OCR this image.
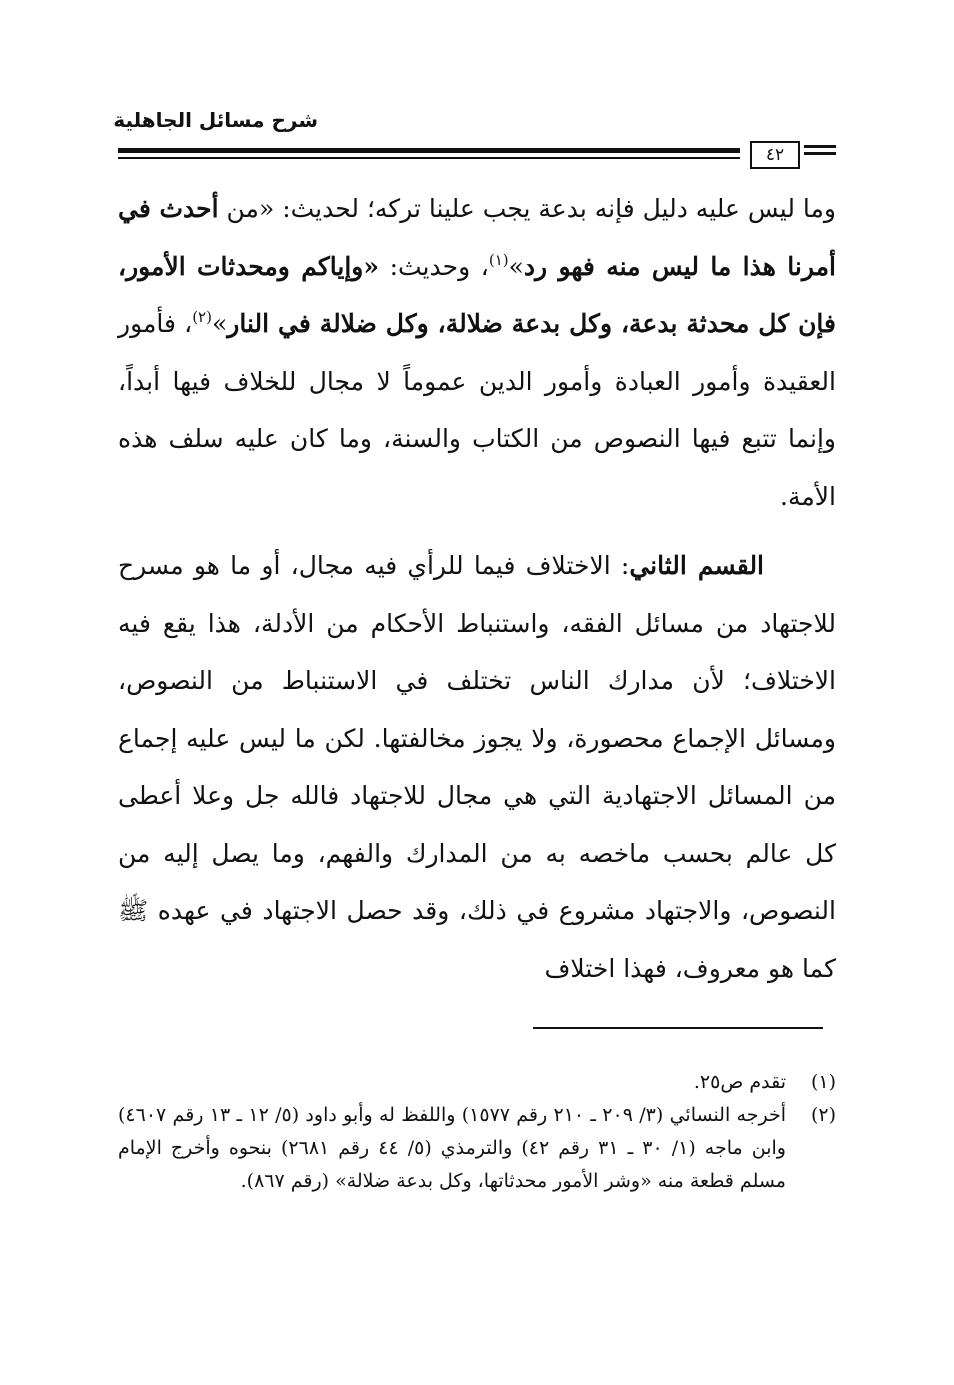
شرح مسائل الجاهلية
٤٢

وما ليس عليه دليل فإنه بدعة يجب علينا تركه؛ لحديث: «من أحدث في أمرنا هذا ما ليس منه فهو رد»$^{(١)}$، وحديث: «وإياكم ومحدثات الأمور، فإن كل محدثة بدعة، وكل بدعة ضلالة، وكل ضلالة في النار»$^{(٢)}$، فأمور العقيدة وأمور العبادة وأمور الدين عموماً لا مجال للخلاف فيها أبداً، وإنما تتبع فيها النصوص من الكتاب والسنة، وما كان عليه سلف هذه الأمة.

القسم الثاني: الاختلاف فيما للرأي فيه مجال، أو ما هو مسرح للاجتهاد من مسائل الفقه، واستنباط الأحكام من الأدلة، هذا يقع فيه الاختلاف؛ لأن مدارك الناس تختلف في الاستنباط من النصوص، ومسائل الإجماع محصورة، ولا يجوز مخالفتها. لكن ما ليس عليه إجماع من المسائل الاجتهادية التي هي مجال للاجتهاد فالله جل وعلا أعطى كل عالم بحسب ماخصه به من المدارك والفهم، وما يصل إليه من النصوص، والاجتهاد مشروع في ذلك، وقد حصل الاجتهاد في عهده ﷺ كما هو معروف، فهذا اختلاف

(١)
تقدم ص٢٥.
(٢)
أخرجه النسائي (٣/ ٢٠٩ ـ ٢١٠ رقم ١٥٧٧) واللفظ له وأبو داود (٥/ ١٢ ـ ١٣ رقم ٤٦٠٧) وابن ماجه (١/ ٣٠ ـ ٣١ رقم ٤٢) والترمذي (٥/ ٤٤ رقم ٢٦٨١) بنحوه وأخرج الإمام مسلم قطعة منه «وشر الأمور محدثاتها، وكل بدعة ضلالة» (رقم ٨٦٧).
